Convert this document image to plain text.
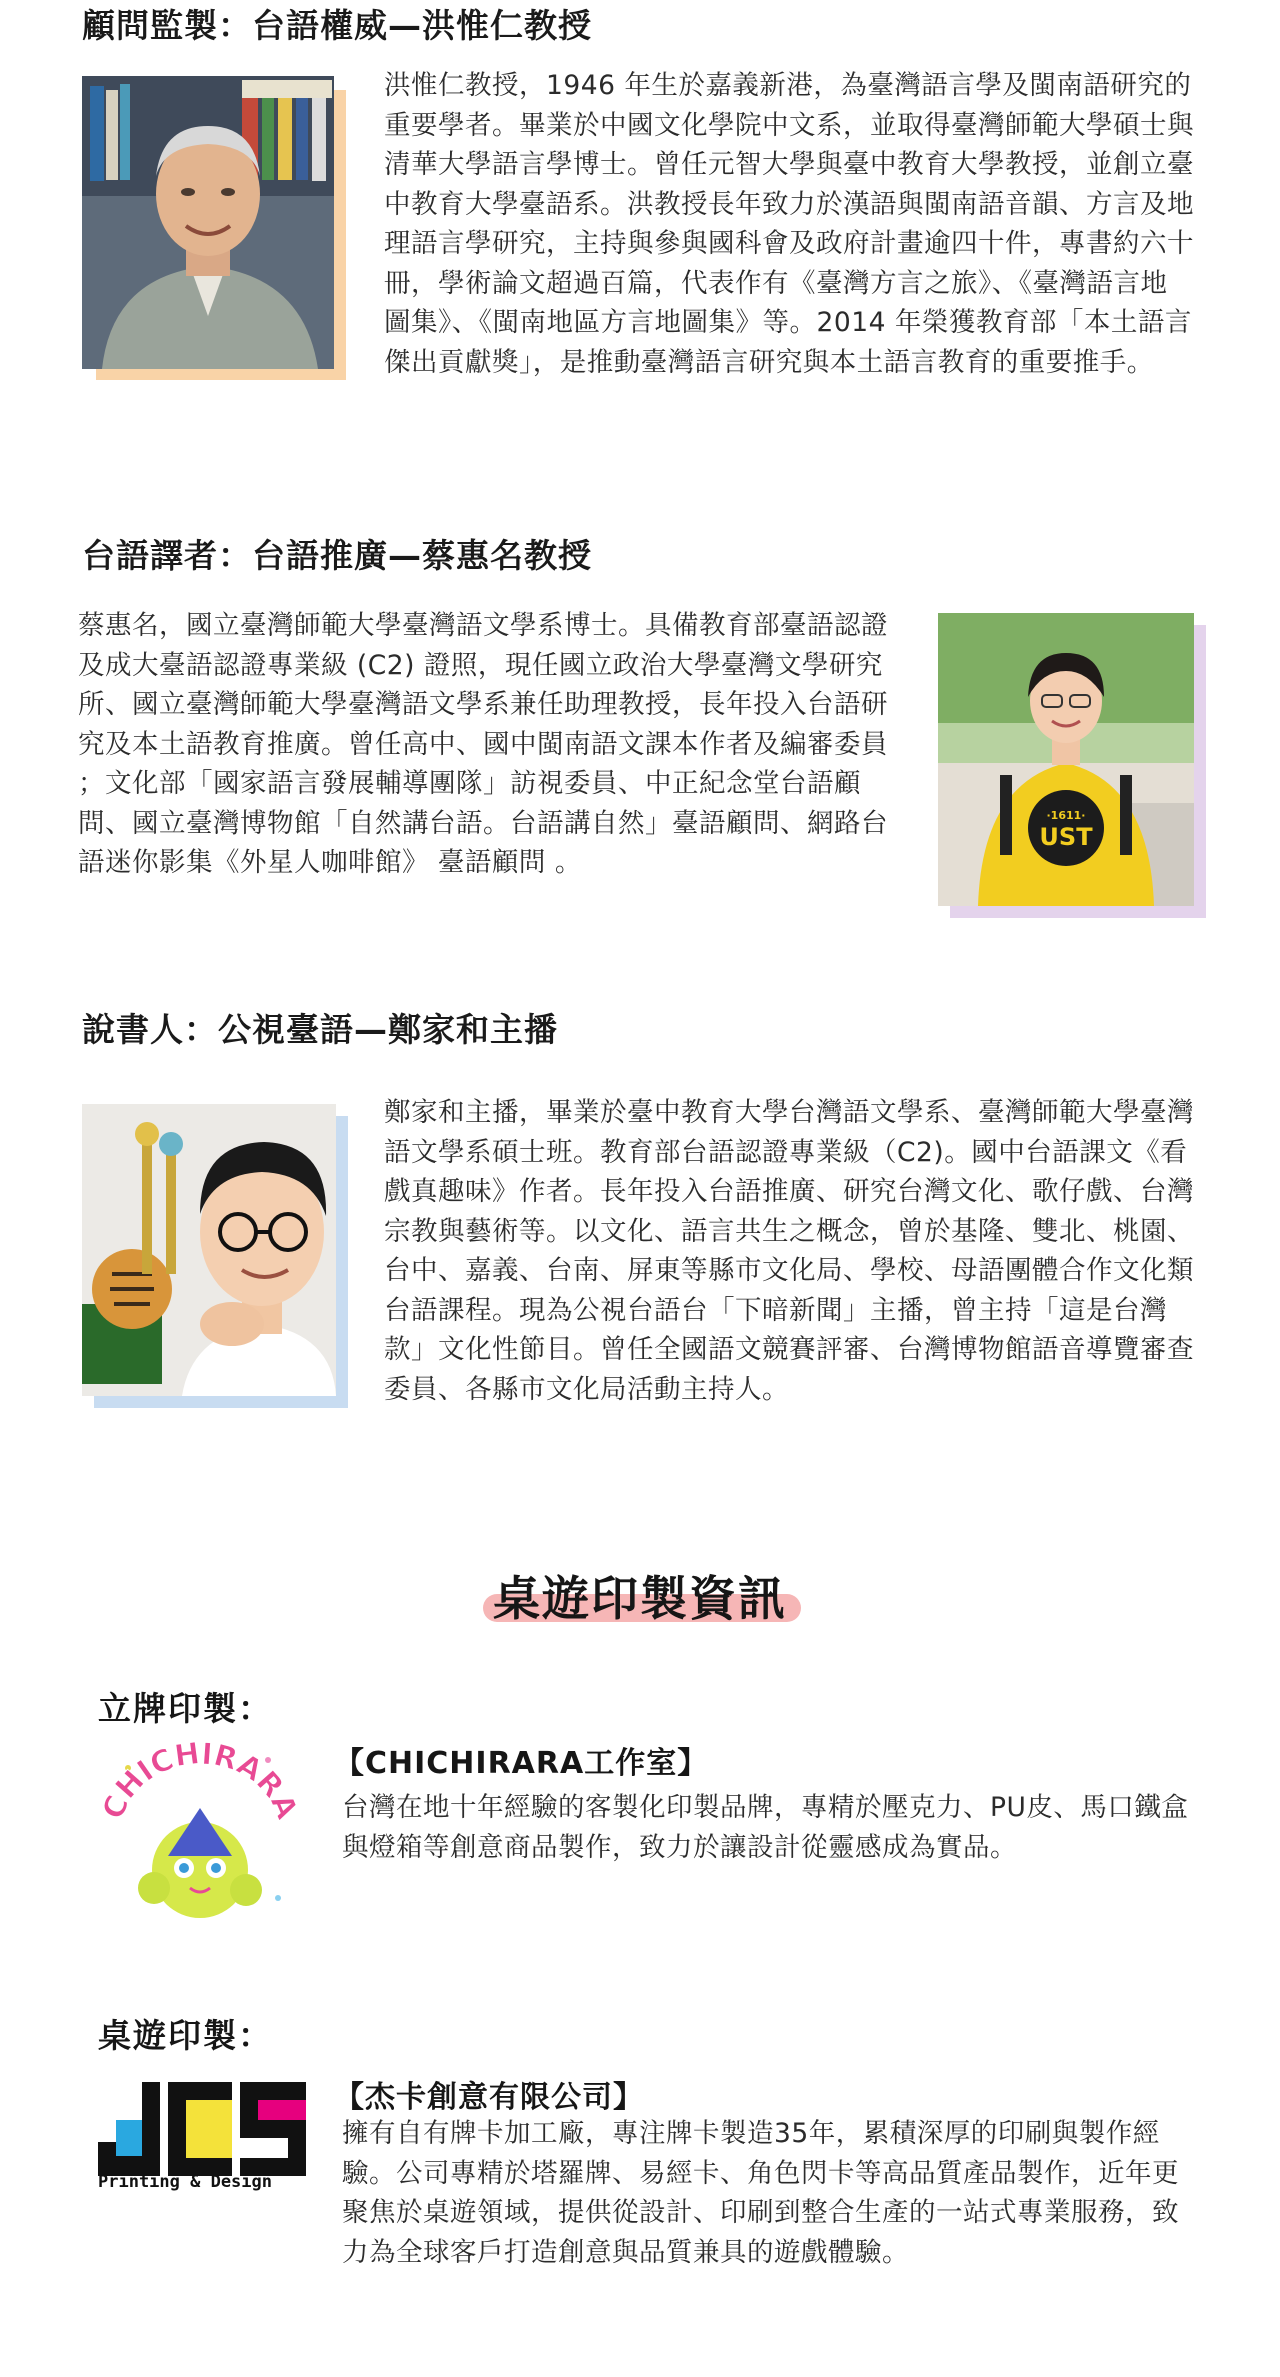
顧問監製：台語權威—洪惟仁教授
洪惟仁教授，1946 年生於嘉義新港，為臺灣語言學及閩南語研究的重要學者。畢業於中國文化學院中文系，並取得臺灣師範大學碩士與清華大學語言學博士。曾任元智大學與臺中教育大學教授，並創立臺中教育大學臺語系。洪教授長年致力於漢語與閩南語音韻、方言及地理語言學研究，主持與參與國科會及政府計畫逾四十件，專書約六十冊，學術論文超過百篇，代表作有《臺灣方言之旅》、《臺灣語言地圖集》、《閩南地區方言地圖集》等。2014 年榮獲教育部「本土語言傑出貢獻獎」，是推動臺灣語言研究與本土語言教育的重要推手。
台語譯者：台語推廣—蔡惠名教授
蔡惠名，國立臺灣師範大學臺灣語文學系博士。具備教育部臺語認證及成大臺語認證專業級 (C2) 證照，現任國立政治大學臺灣文學研究所、國立臺灣師範大學臺灣語文學系兼任助理教授，長年投入台語研究及本土語教育推廣。曾任高中、國中閩南語文課本作者及編審委員 ；文化部「國家語言發展輔導團隊」訪視委員、中正紀念堂台語顧問、國立臺灣博物館「自然講台語。台語講自然」臺語顧問、網路台語迷你影集《外星人咖啡館》 臺語顧問 。
·1611·
UST
說書人：公視臺語—鄭家和主播
鄭家和主播，畢業於臺中教育大學台灣語文學系、臺灣師範大學臺灣語文學系碩士班。教育部台語認證專業級（C2)。國中台語課文《看戲真趣味》作者。長年投入台語推廣、研究台灣文化、歌仔戲、台灣宗教與藝術等。以文化、語言共生之概念，曾於基隆、雙北、桃園、台中、嘉義、台南、屏東等縣市文化局、學校、母語團體合作文化類台語課程。現為公視台語台「下暗新聞」主播，曾主持「這是台灣款」文化性節目。曾任全國語文競賽評審、台灣博物館語音導覽審查委員、各縣市文化局活動主持人。
桌遊印製資訊
立牌印製：
CHICHIRAR
【CHICHIRARA工作室】
台灣在地十年經驗的客製化印製品牌，專精於壓克力、PU皮、馬口鐵盒與燈箱等創意商品製作，致力於讓設計從靈感成為實品。
桌遊印製：
Printing & Design
【杰卡創意有限公司】
擁有自有牌卡加工廠，專注牌卡製造35年，累積深厚的印刷與製作經驗。公司專精於塔羅牌、易經卡、角色閃卡等高品質產品製作，近年更聚焦於桌遊領域，提供從設計、印刷到整合生產的一站式專業服務，致力為全球客戶打造創意與品質兼具的遊戲體驗。
